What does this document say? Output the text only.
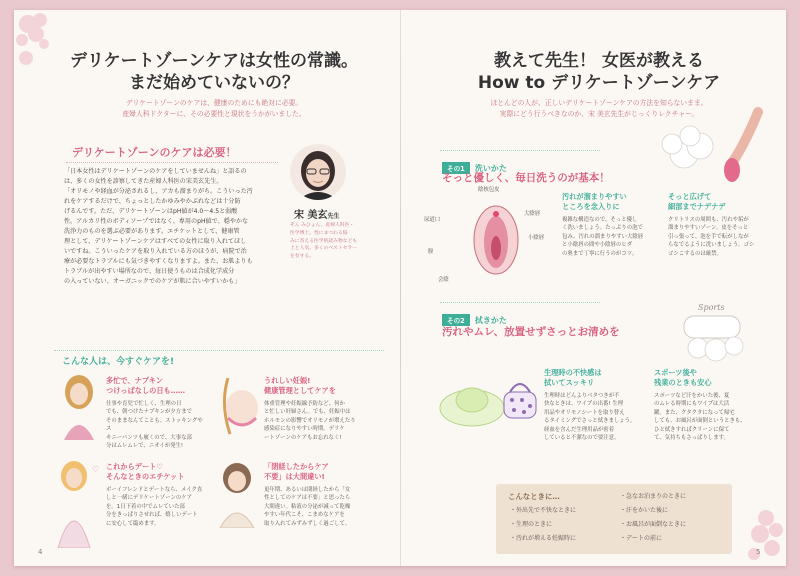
デリケートゾーンケアは女性の常識。
まだ始めていないの？
デリケートゾーンのケアは、健康のためにも絶対に必要。
産婦人科ドクターに、その必要性と現状をうかがいました。
デリケートゾーンのケアは必要！
「日本女性はデリケートゾーンのケアをしていませんね」と語るの
は、多くの女性を診察してきた産婦人科医の宋美玄先生。
「オリモノや経血が分泌されるし、アカも溜まりがち。こういった汚
れをケアするだけで、ちょっとしたかゆみやかぶれなどは十分防
げるんです。ただ、デリケートゾーンはpH値が4.0〜4.5と弱酸
性。アルカリ性のボディソープではなく、専用のpH値で、穏やかな
洗浄力のものを選ぶ必要があります。エチケットとして、健康管
理として、デリケートゾーンケアはすべての女性に取り入れてほし
いですね。こういったケアを取り入れている方のほうが、病院で治
療が必要なトラブルにも気づきやすくなりますよ。また、お肌よりも
トラブルが出やすい場所なので、毎日使うものは合成化学成分
の入っていない、オーガニックでのケアが肌に合いやすいかも」
宋 美玄先生
そん みひょん。産婦人科医・
医学博士。性にまつわる悩
みに答える医学的読み物なども
上と人気。多くのベストセラー
を有する。
こんな人は、今すぐケアを!
♡
多忙で、ナプキン
つけっぱなしの日も……
仕事や育児で忙しく、生理の日
でも、朝つけたナプキンが夕方まで
そのままなんてことも。ストッキングやス
キニーパンツも履くので、大事な部
分はムレムレで、ニオイが発生!
うれしい妊娠!
健康管理としてケアを
体重管理や妊娠線予防など、何か
と忙しい妊婦さん。でも、妊娠中は
ホルモンの影響でオリモノが増えたり
感染症になりやすい時期。デリケ
ートゾーンのケアもお忘れなく!
これからデート♡
そんなときのエチケット
ボーイフレンドとデートなら、メイク直
しと一緒にデリケートゾーンのケア
を。1日下着の中でムレていた部
分をきっぱりさせれば、嬉しいデート
に安心して臨めます。
「閉経したからケア
不要」は大間違い!
更年期、あるいは閉経したから「女
性としてのケアは不要」と思ったら
大間違い。粘液の分泌が減って乾燥
やすい年代こそ、こまめなケアを
取り入れてみずみずしく過ごして。
4
教えて先生！ 女医が教える
How to デリケートゾーンケア
ほとんどの人が、正しいデリケートゾーンケアの方法を知らないまま。
実際にどう行うべきなのか、宋 美玄先生がじっくりレクチャー。
その1 洗いかた
そっと優しく、毎日洗うのが基本！
陰核包皮
尿道口
膣
大陰唇
小陰唇
会陰
汚れが溜まりやすい
ところを念入りに
複雑な構造なので、そっと優し
く洗いましょう。たっぷりの泡で
包み、汚れの溜まりやすい大陰唇
と小陰唇の間や小陰唇のヒダ
の奥まで丁寧に行うのがコツ。
そっと広げて
細部までナデナデ
クリトリスの周囲も、汚れや垢が
溜まりやすいゾーン。皮をそっと
引っ張って、泡を手で転がしなが
らなでるように洗いましょう。ゴシ
ゴシこするのは厳禁。
その2 拭きかた
汚れやムレ、放置せずさっとお清めを
Sports
生理時の不快感は
拭いてスッキリ
生理時はどんよりベタつきが不
快なときは、ワイプの出番! 生理
用品やオリモノシートを取り替え
るタイミングでさっと拭きましょう。
経血を含んだ生理用品が密着
していると不潔なので要注意。
スポーツ後や
残業のときも安心
スポーツなど汗をかいた後、夏
のムレる時期にもワイプは大活
躍。また、クタクタになって帰宅
しても、お風呂が面倒というときも、
ひと拭きすればクリーンに保て
て、気持ちもさっぱりします。
こんなときに…
・外出先で不快なときに
・生理のときに
・汚れが増える妊娠時に
・急なお泊まりのときに
・汗をかいた後に
・お風呂が面倒なときに
・デートの前に
5
